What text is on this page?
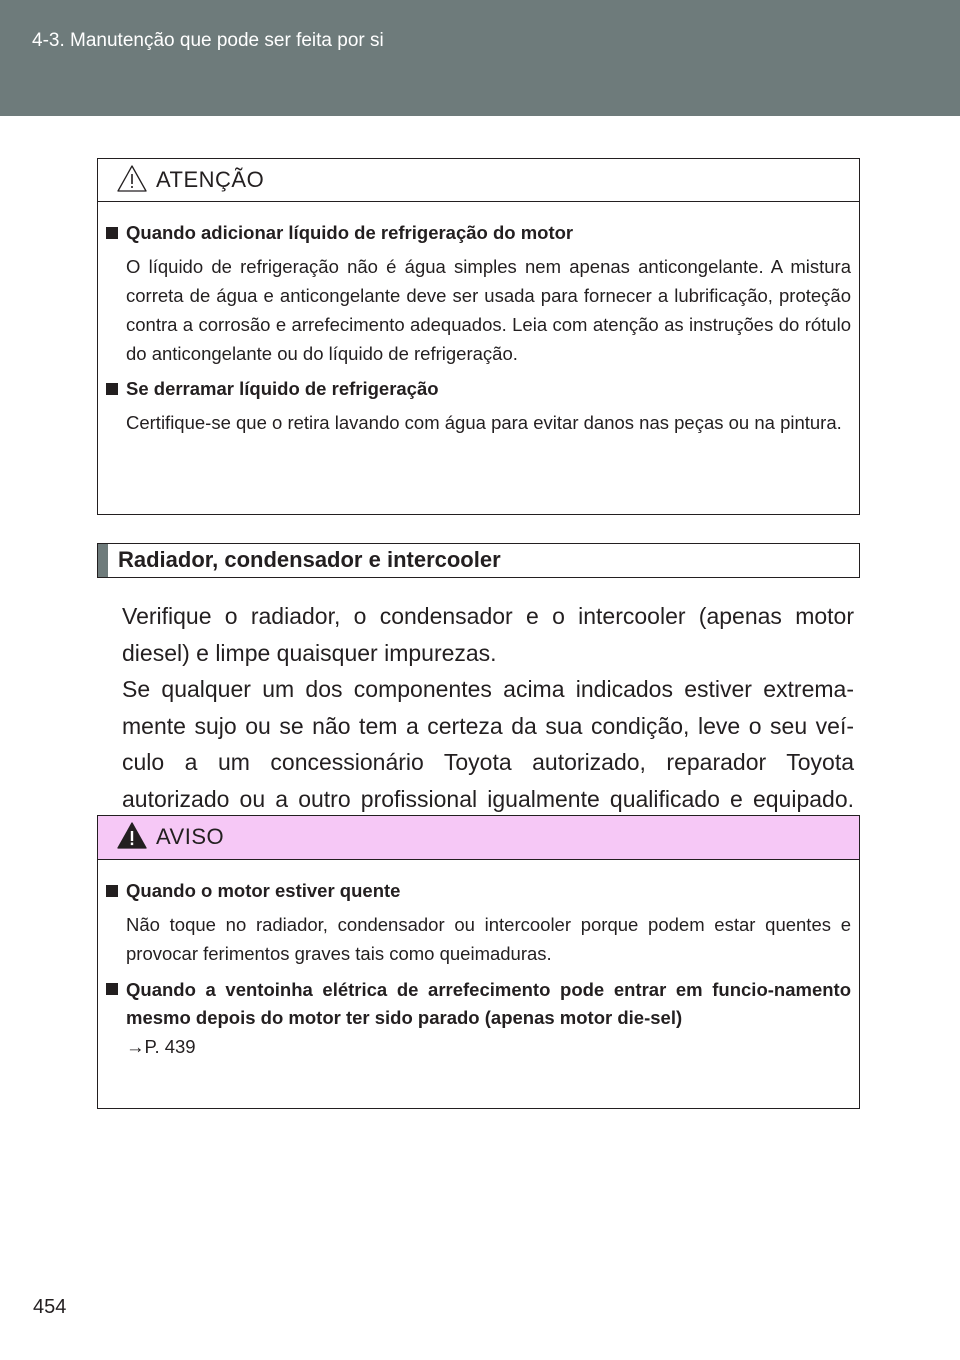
4-3. Manutenção que pode ser feita por si
ATENÇÃO
Quando adicionar líquido de refrigeração do motor

O líquido de refrigeração não é água simples nem apenas anticongelante. A mistura correta de água e anticongelante deve ser usada para fornecer a lubrificação, proteção contra a corrosão e arrefecimento adequados. Leia com atenção as instruções do rótulo do anticongelante ou do líquido de refrigeração.

Se derramar líquido de refrigeração

Certifique-se que o retira lavando com água para evitar danos nas peças ou na pintura.

Radiador, condensador e intercooler

Verifique o radiador, o condensador e o intercooler (apenas motor diesel) e limpe quaisquer impurezas.

Se qualquer um dos componentes acima indicados estiver extrema-mente sujo ou se não tem a certeza da sua condição, leve o seu veí-culo a um concessionário Toyota autorizado, reparador Toyota autorizado ou a outro profissional igualmente qualificado e equipado.

AVISO
Quando o motor estiver quente

Não toque no radiador, condensador ou intercooler porque podem estar quentes e provocar ferimentos graves tais como queimaduras.

Quando a ventoinha elétrica de arrefecimento pode entrar em funcio-namento mesmo depois do motor ter sido parado (apenas motor die-sel)

→P. 439

454
